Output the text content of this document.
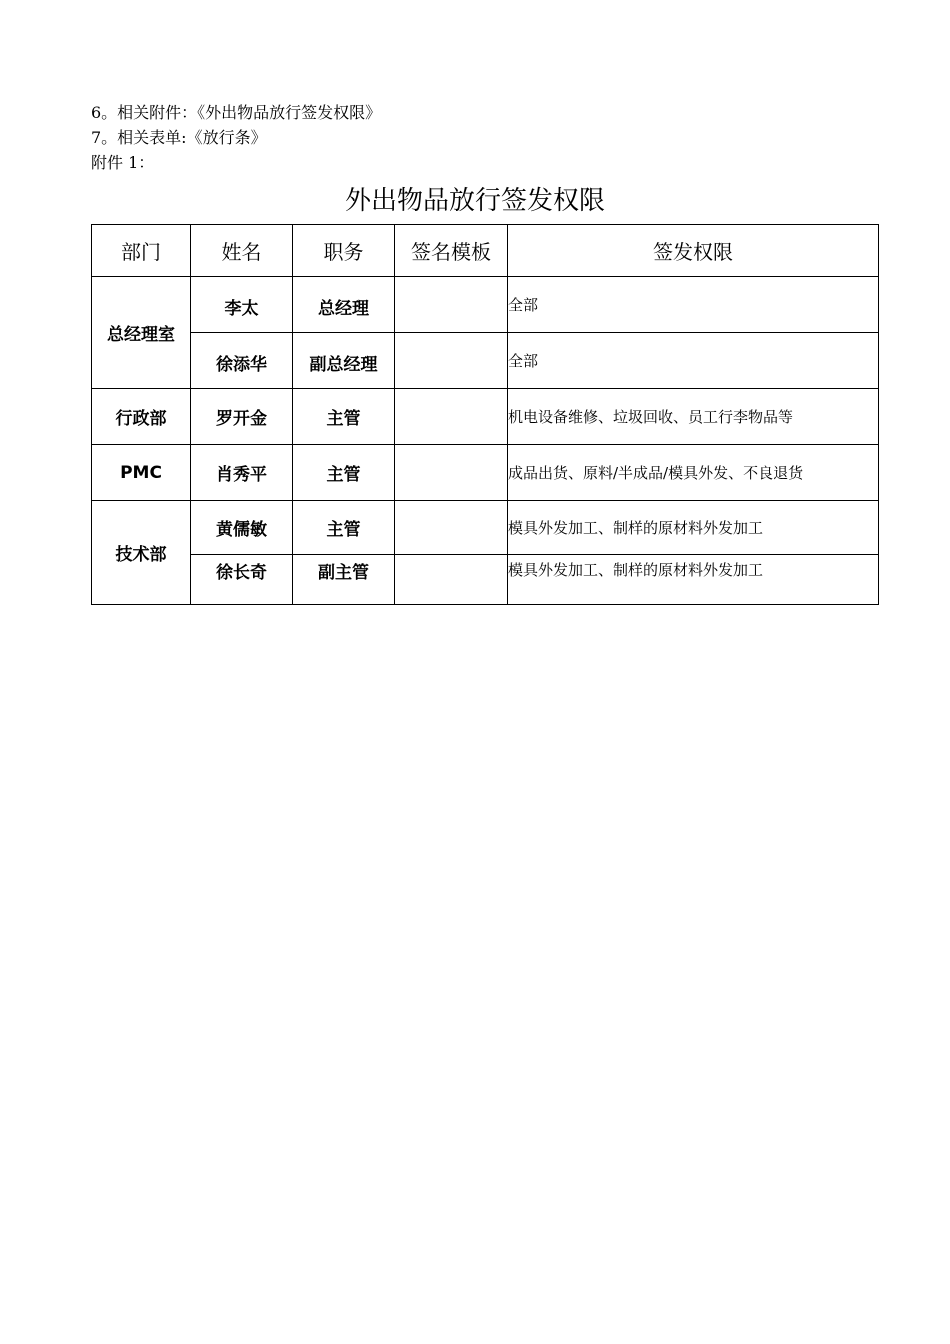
6。相关附件：《外出物品放行签发权限》
7。相关表单:《放行条》
附件 1：
外出物品放行签发权限
部门	姓名	职务	签名模板	签发权限
总经理室	李太	总经理		全部
	徐添华	副总经理		全部
行政部	罗开金	主管		机电设备维修、垃圾回收、员工行李物品等
PMC	肖秀平	主管		成品出货、原料/半成品/模具外发、不良退货
技术部	黄儒敏	主管		模具外发加工、制样的原材料外发加工
	徐长奇	副主管		模具外发加工、制样的原材料外发加工
